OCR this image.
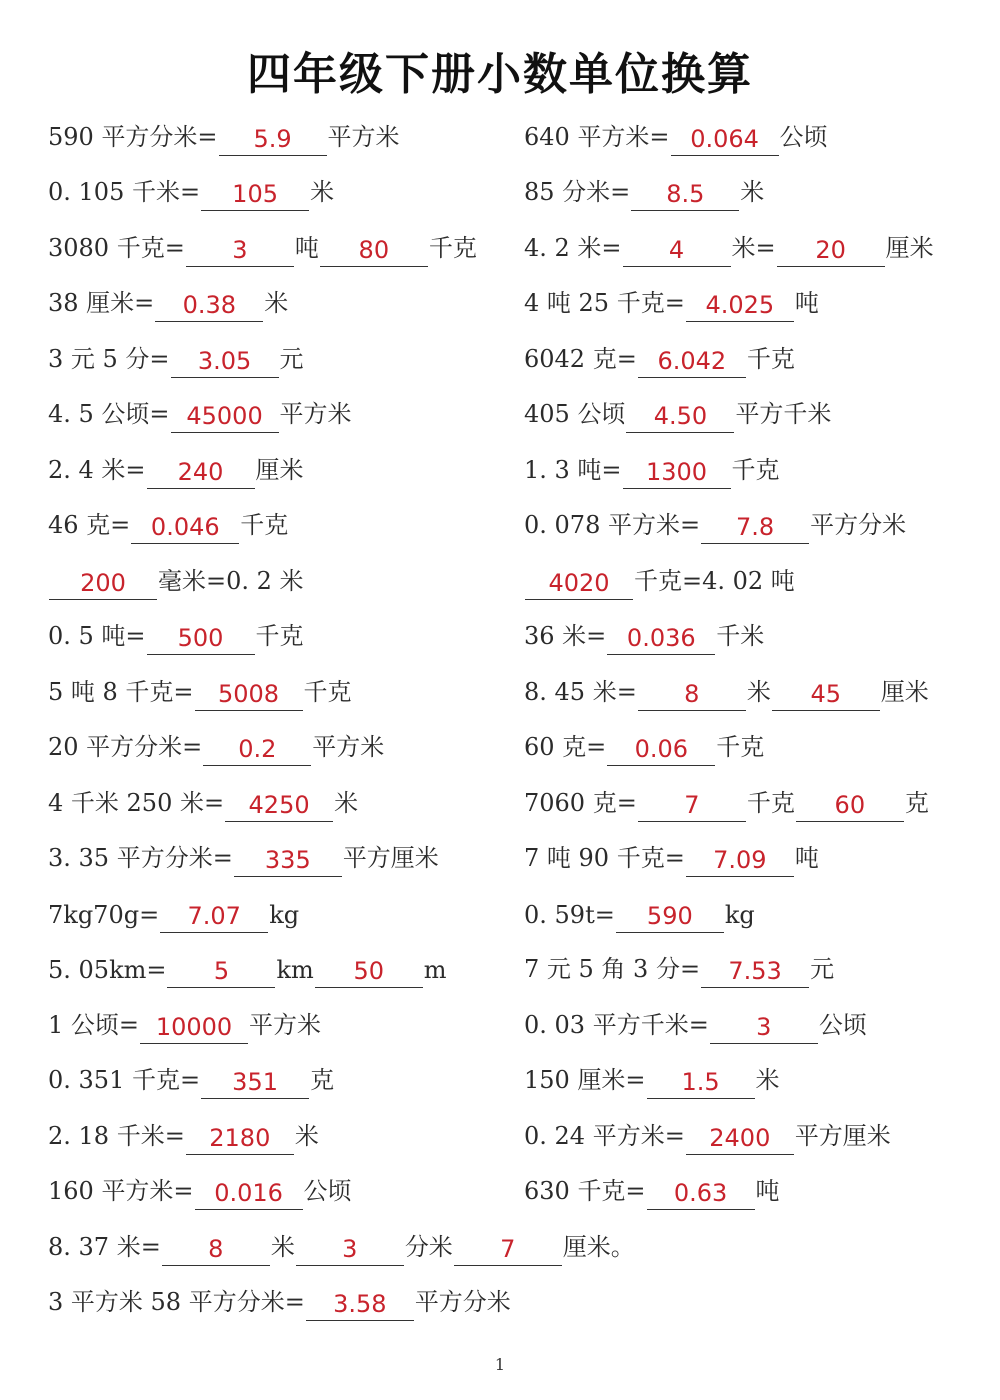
四年级下册小数单位换算
590 平方分米=	5.9	平方米
0. 105 千米=	105	米
3080 千克=	3	吨	80	千克
38 厘米=	0.38	米
3 元 5 分=	3.05	元
4. 5 公顷= 45000 平方米
2. 4 米=	240	厘米
46 克= 0.046 千克
200	毫米=0. 2 米
0. 5 吨=	500	千克
5 吨 8 千克=	5008	千克
20 平方分米=	0.2	平方米
4 千米 250 米=	4250	米
3. 35 平方分米=	335	平方厘米
7kg70g=	7.07	kg
5. 05km=	5	km	50	m
1 公顷= 10000 平方米
0. 351 千克=	351	克
2. 18 千米=	2180	米
160 平方米= 0.016 公顷
640 平方米= 0.064 公顷
85 分米=	8.5	米
4. 2 米=	4	米=	20	厘米
4 吨 25 千克= 4.025 吨
6042 克= 6.042 千克
405 公顷	4.50	平方千米
1. 3 吨=	1300	千克
0. 078 平方米=	7.8	平方分米
4020	千克=4. 02 吨
36 米= 0.036 千米
8. 45 米=	8	米	45	厘米
60 克=	0.06	千克
7060 克=	7	千克	60	克
7 吨 90 千克=	7.09	吨
0. 59t=	590	kg
7 元 5 角 3 分=	7.53	元
0. 03 平方千米=	3	公顷
150 厘米=	1.5	米
0. 24 平方米=	2400	平方厘米
630 千克=	0.63	吨
8. 37 米=	8	米	3	分米	7	厘米。
3 平方米 58 平方分米=	3.58	平方分米
1
